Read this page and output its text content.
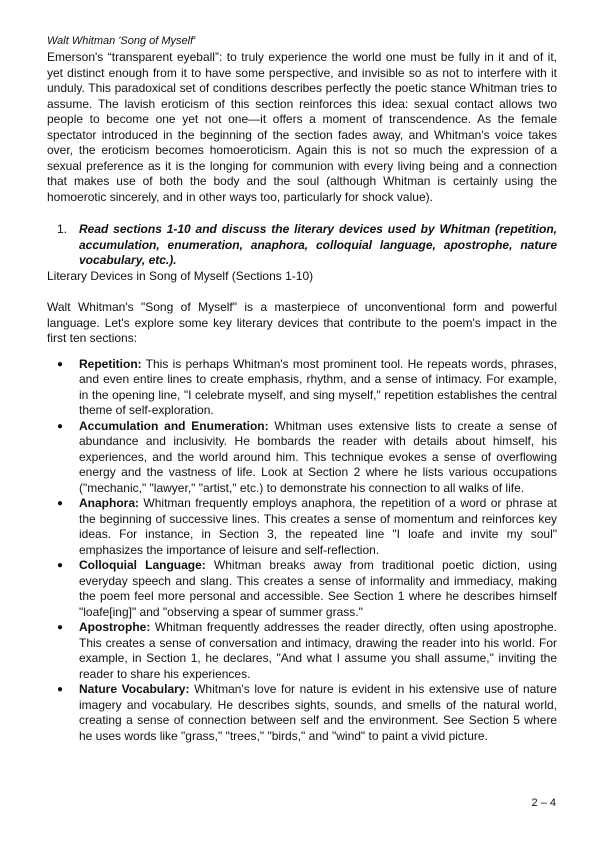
Walt Whitman 'Song of Myself'

Emerson's “transparent eyeball”: to truly experience the world one must be fully in it and of it, yet distinct enough from it to have some perspective, and invisible so as not to interfere with it unduly. This paradoxical set of conditions describes perfectly the poetic stance Whitman tries to assume. The lavish eroticism of this section reinforces this idea: sexual contact allows two people to become one yet not one—it offers a moment of transcendence. As the female spectator introduced in the beginning of the section fades away, and Whitman's voice takes over, the eroticism becomes homoeroticism. Again this is not so much the expression of a sexual preference as it is the longing for communion with every living being and a connection that makes use of both the body and the soul (although Whitman is certainly using the homoerotic sincerely, and in other ways too, particularly for shock value).

1. Read sections 1-10 and discuss the literary devices used by Whitman (repetition, accumulation, enumeration, anaphora, colloquial language, apostrophe, nature vocabulary, etc.).

Literary Devices in Song of Myself (Sections 1-10)

Walt Whitman's "Song of Myself" is a masterpiece of unconventional form and powerful language. Let's explore some key literary devices that contribute to the poem's impact in the first ten sections:

● Repetition: This is perhaps Whitman's most prominent tool. He repeats words, phrases, and even entire lines to create emphasis, rhythm, and a sense of intimacy. For example, in the opening line, "I celebrate myself, and sing myself," repetition establishes the central theme of self-exploration.
● Accumulation and Enumeration: Whitman uses extensive lists to create a sense of abundance and inclusivity. He bombards the reader with details about himself, his experiences, and the world around him. This technique evokes a sense of overflowing energy and the vastness of life. Look at Section 2 where he lists various occupations ("mechanic," "lawyer," "artist," etc.) to demonstrate his connection to all walks of life.
● Anaphora: Whitman frequently employs anaphora, the repetition of a word or phrase at the beginning of successive lines. This creates a sense of momentum and reinforces key ideas. For instance, in Section 3, the repeated line "I loafe and invite my soul" emphasizes the importance of leisure and self-reflection.
● Colloquial Language: Whitman breaks away from traditional poetic diction, using everyday speech and slang. This creates a sense of informality and immediacy, making the poem feel more personal and accessible. See Section 1 where he describes himself "loafe[ing]" and "observing a spear of summer grass."
● Apostrophe: Whitman frequently addresses the reader directly, often using apostrophe. This creates a sense of conversation and intimacy, drawing the reader into his world. For example, in Section 1, he declares, "And what I assume you shall assume," inviting the reader to share his experiences.
● Nature Vocabulary: Whitman's love for nature is evident in his extensive use of nature imagery and vocabulary. He describes sights, sounds, and smells of the natural world, creating a sense of connection between self and the environment. See Section 5 where he uses words like "grass," "trees," "birds," and "wind" to paint a vivid picture.
2 – 4
